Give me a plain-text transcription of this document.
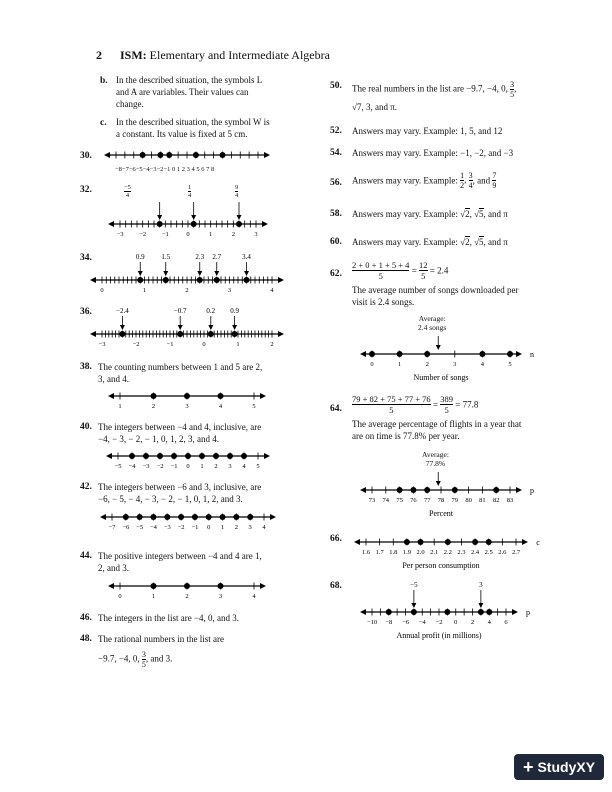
2 ISM: Elementary and Intermediate Algebra
b. In the described situation, the symbols L
and A are variables. Their values can
change.
c. In the described situation, the symbol W is
a constant. Its value is fixed at 5 cm.
30.
−8−7−6−5−4−3−2−1 0 1 2 3 4 5 6 7 8
32.	−5
4
1
4
9
4
−3 −2 −1	0	1	2	3
34.
0	1	2	3	4
0.9 1.5	2.3 2.7	3.4
36.
−3	−2	−1	0	1	2
−2.4	−0.7	0.2 0.9
38. The counting numbers between 1 and 5 are 2,
3, and 4.
1	2	3	4	5
40. The integers between −4 and 4, inclusive, are
−4, − 3, − 2, − 1, 0, 1, 2, 3, and 4.
−5 −4 −3 −2 −1 0 1 2 3 4 5
42. The integers between −6 and 3, inclusive, are
−6, − 5, − 4, − 3, − 2, − 1, 0, 1, 2, and 3.
−7 −6 −5 −4 −3 −2 −1 0 1 2 3 4
44. The positive integers between −4 and 4 are 1,
2, and 3.
0	1	2	3	4
46. The integers in the list are −4, 0, and 3.
48. The rational numbers in the list are
−9.7, −4, 0, $\frac{3}{5}$ , and 3.
50. The real numbers in the list are −9.7, −4, 0, $\frac{3}{5}$ ,
√7, 3, and π.
52. Answers may vary. Example: 1, 5, and 12
54. Answers may vary. Example: −1, −2, and −3
56. Answers may vary. Example: $\frac{1}{2}$ , $\frac{3}{4}$ , and $\frac{7}{9}$
58. Answers may vary. Example: √2, √5, and π
60. Answers may vary. Example: √2, √5, and π
62. $\frac{2 + 0 + 1 + 5 + 4}{5} = \frac{12}{5} = 2.4$
The average number of songs downloaded per
visit is 2.4 songs.
Average:
2.4 songs
0	1	2	3	4	5
n
Number of songs
64. $\frac{79 + 82 + 75 + 77 + 76}{5} = \frac{389}{5} = 77.8$
The average percentage of flights in a year that
are on time is 77.8% per year.
Average:
77.8%
73 74 75 76 77 78 79 80 81 82 83
p
Percent
66.
1.6 1.7 1.8 1.9 2.0 2.1 2.2 2.3 2.4 2.5 2.6 2.7
c
Per person consumption
68.
−10 −8 −6 −4 −2 0 2 4 6
−5	3
p
Annual profit (in millions)
+ StudyXY
